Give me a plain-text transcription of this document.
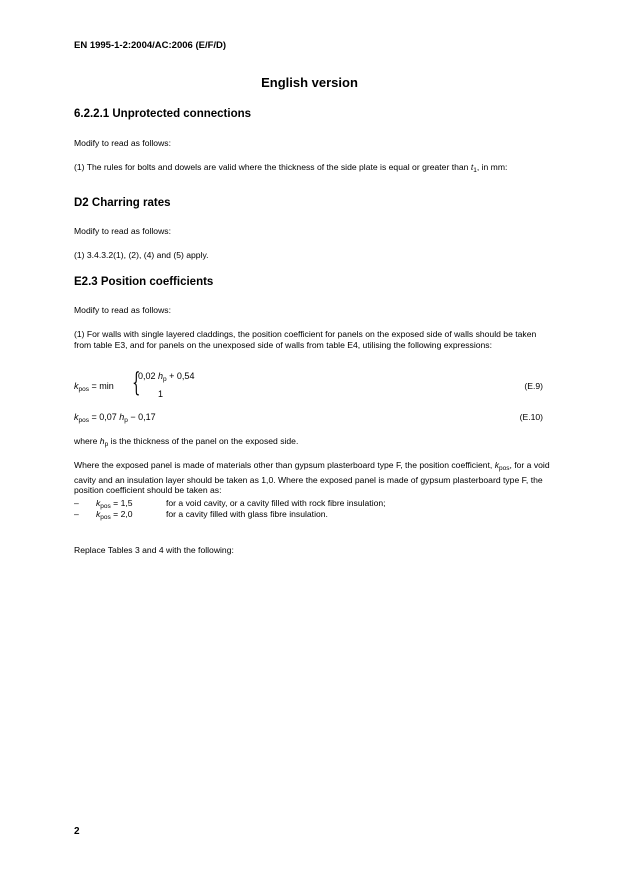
EN 1995-1-2:2004/AC:2006 (E/F/D)
English version
6.2.2.1 Unprotected connections
Modify to read as follows:
(1) The rules for bolts and dowels are valid where the thickness of the side plate is equal or greater than $t_1$, in mm:
D2 Charring rates
Modify to read as follows:
(1) 3.4.3.2(1), (2), (4) and (5) apply.
E2.3 Position coefficients
Modify to read as follows:
(1) For walls with single layered claddings, the position coefficient for panels on the exposed side of walls should be taken from table E3, and for panels on the unexposed side of walls from table E4, utilising the following expressions:
$k_{pos} = \min$ {
0,02 $h_p + 0,54$
1
(E.9)
$k_{pos} = 0,07$ $h_p - 0,17$	(E.10)
where $h_p$ is the thickness of the panel on the exposed side.
Where the exposed panel is made of materials other than gypsum plasterboard type F, the position coefficient, $k_{pos}$, for a void cavity and an insulation layer should be taken as 1,0. Where the exposed panel is made of gypsum plasterboard type F, the position coefficient should be taken as:
– $k_{pos} = 1,5$	for a void cavity, or a cavity filled with rock fibre insulation;
– $k_{pos} = 2,0$	for a cavity filled with glass fibre insulation.
Replace Tables 3 and 4 with the following:
2
